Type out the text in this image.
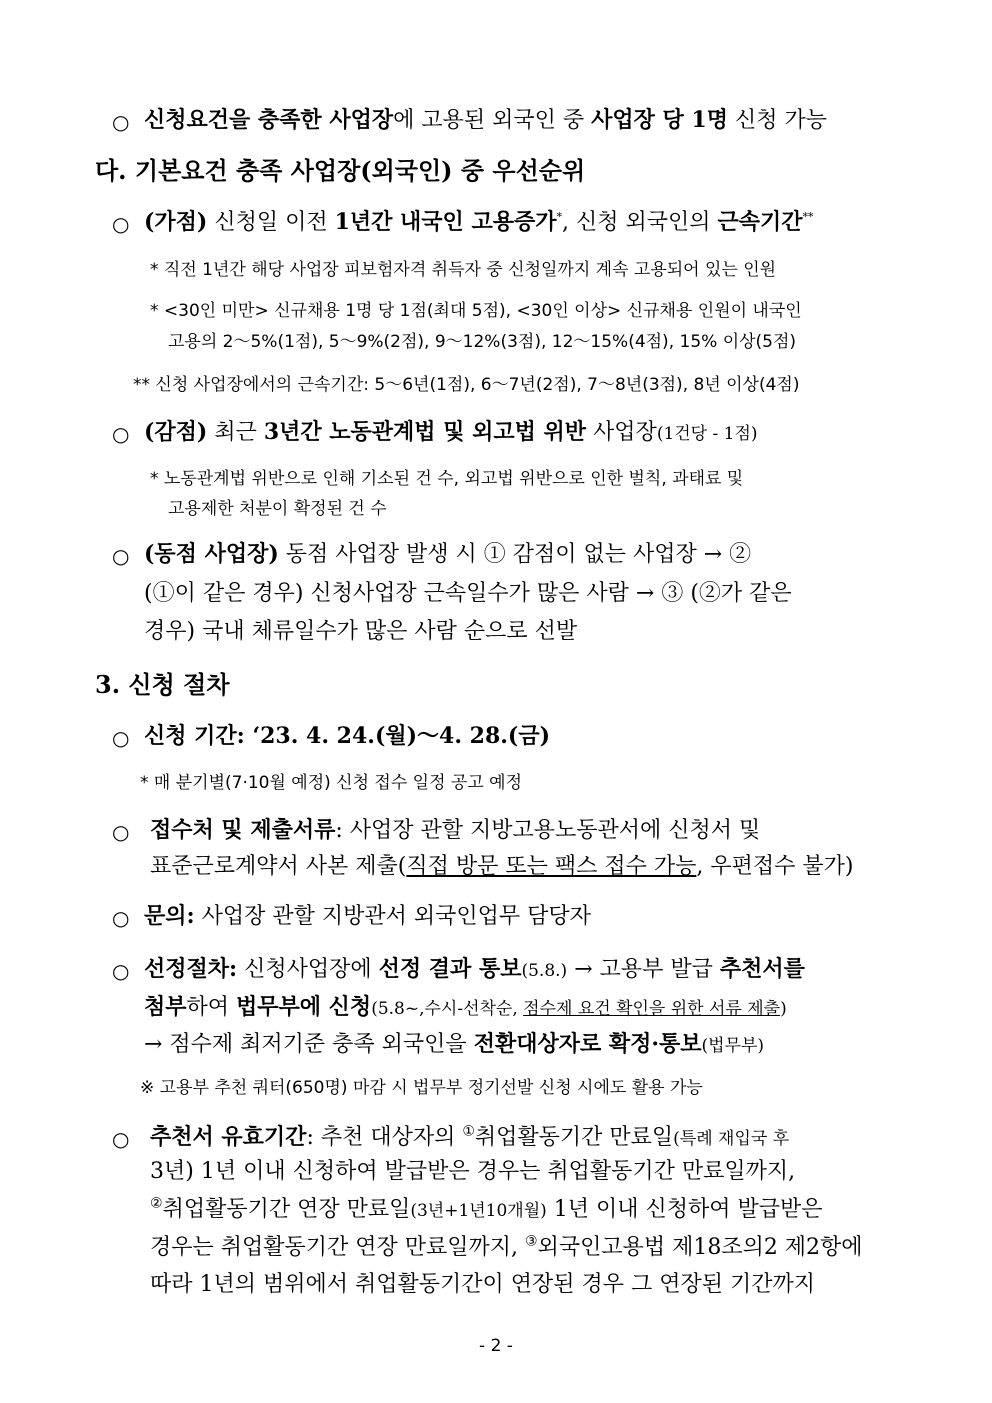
○ 신청요건을 충족한 사업장에 고용된 외국인 중 사업장 당 1명 신청 가능
다. 기본요건 충족 사업장(외국인) 중 우선순위
○ (가점) 신청일 이전 1년간 내국인 고용증가*, 신청 외국인의 근속기간**
* 직전 1년간 해당 사업장 피보험자격 취득자 중 신청일까지 계속 고용되어 있는 인원
* <30인 미만> 신규채용 1명 당 1점(최대 5점), <30인 이상> 신규채용 인원이 내국인
고용의 2～5%(1점), 5～9%(2점), 9～12%(3점), 12～15%(4점), 15% 이상(5점)
** 신청 사업장에서의 근속기간: 5～6년(1점), 6～7년(2점), 7～8년(3점), 8년 이상(4점)
○ (감점) 최근 3년간 노동관계법 및 외고법 위반 사업장(1건당 - 1점)
* 노동관계법 위반으로 인해 기소된 건 수, 외고법 위반으로 인한 벌칙, 과태료 및
고용제한 처분이 확정된 건 수
○ (동점 사업장) 동점 사업장 발생 시 ① 감점이 없는 사업장 → ②
(①이 같은 경우) 신청사업장 근속일수가 많은 사람 → ③ (②가 같은
경우) 국내 체류일수가 많은 사람 순으로 선발
3. 신청 절차
○ 신청 기간: ‘23. 4. 24.(월)～4. 28.(금)
* 매 분기별(7·10월 예정) 신청 접수 일정 공고 예정
○ 접수처 및 제출서류: 사업장 관할 지방고용노동관서에 신청서 및
표준근로계약서 사본 제출(직접 방문 또는 팩스 접수 가능, 우편접수 불가)
○ 문의: 사업장 관할 지방관서 외국인업무 담당자
○ 선정절차: 신청사업장에 선정 결과 통보(5.8.) → 고용부 발급 추천서를
첨부하여 법무부에 신청(5.8~,수시-선착순, 점수제 요건 확인을 위한 서류 제출)
→ 점수제 최저기준 충족 외국인을 전환대상자로 확정·통보(법무부)
※ 고용부 추천 쿼터(650명) 마감 시 법무부 정기선발 신청 시에도 활용 가능
○ 추천서 유효기간: 추천 대상자의 ①취업활동기간 만료일(특례 재입국 후
3년) 1년 이내 신청하여 발급받은 경우는 취업활동기간 만료일까지,
②취업활동기간 연장 만료일(3년+1년10개월) 1년 이내 신청하여 발급받은
경우는 취업활동기간 연장 만료일까지, ③외국인고용법 제18조의2 제2항에
따라 1년의 범위에서 취업활동기간이 연장된 경우 그 연장된 기간까지
- 2 -
